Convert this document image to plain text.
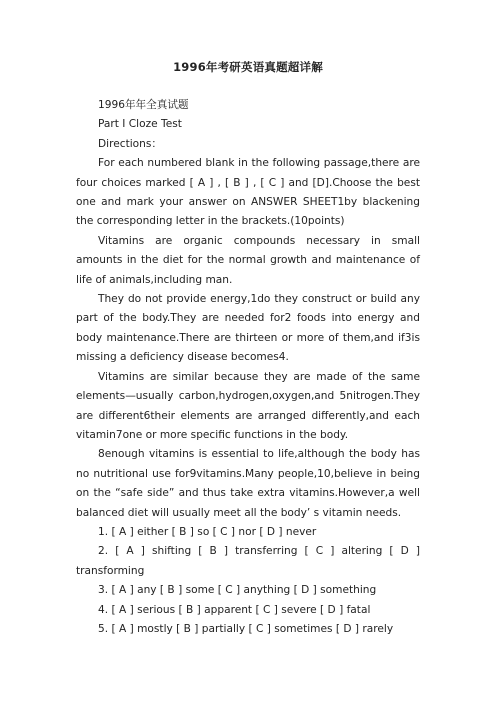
1996年考研英语真题超详解
1996年年全真试题
Part I Cloze Test
Directions：
For each numbered blank in the following passage,there are four choices marked [ A ] , [ B ] , [ C ] and [D].Choose the best one and mark your answer on ANSWER SHEET1by blackening the corresponding letter in the brackets.(10points)
Vitamins are organic compounds necessary in small amounts in the diet for the normal growth and maintenance of life of animals,including man.
They do not provide energy,1do they construct or build any part of the body.They are needed for2 foods into energy and body maintenance.There are thirteen or more of them,and if3is missing a deficiency disease becomes4.
Vitamins are similar because they are made of the same elements—usually carbon,hydrogen,oxygen,and 5nitrogen.They are different6their elements are arranged differently,and each vitamin7one or more specific functions in the body.
8enough vitamins is essential to life,although the body has no nutritional use for9vitamins.Many people,10,believe in being on the “safe side” and thus take extra vitamins.However,a well balanced diet will usually meet all the body’ s vitamin needs.
1. [ A ] either [ B ] so [ C ] nor [ D ] never
2. [ A ] shifting [ B ] transferring [ C ] altering [ D ] transforming
3. [ A ] any [ B ] some [ C ] anything [ D ] something
4. [ A ] serious [ B ] apparent [ C ] severe [ D ] fatal
5. [ A ] mostly [ B ] partially [ C ] sometimes [ D ] rarely
